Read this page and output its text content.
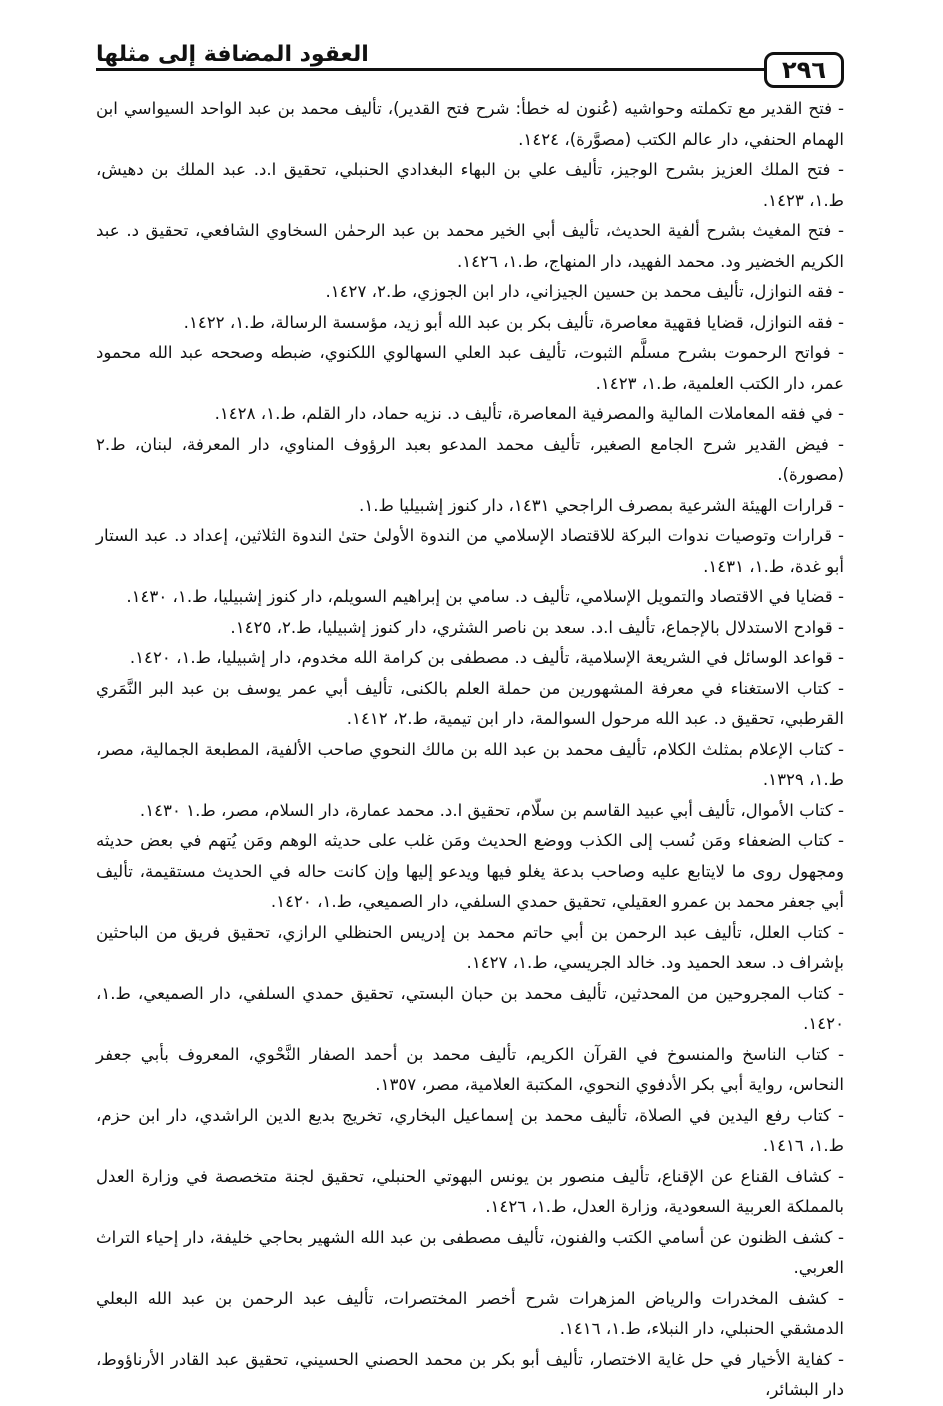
العقود المضافة إلى مثلها
٢٩٦

- فتح القدير مع تكملته وحواشيه (عُنون له خطأ: شرح فتح القدير)، تأليف محمد بن عبد الواحد السيواسي ابن الهمام الحنفي، دار عالم الكتب (مصوَّرة)، ١٤٢٤.

- فتح الملك العزيز بشرح الوجيز، تأليف علي بن البهاء البغدادي الحنبلي، تحقيق ا.د. عبد الملك بن دهيش، ط.١، ١٤٢٣.

- فتح المغيث بشرح ألفية الحديث، تأليف أبي الخير محمد بن عبد الرحمٰن السخاوي الشافعي، تحقيق د. عبد الكريم الخضير ود. محمد الفهيد، دار المنهاج، ط.١، ١٤٢٦.

- فقه النوازل، تأليف محمد بن حسين الجيزاني، دار ابن الجوزي، ط.٢، ١٤٢٧.

- فقه النوازل، قضايا فقهية معاصرة، تأليف بكر بن عبد الله أبو زيد، مؤسسة الرسالة، ط.١، ١٤٢٢.

- فواتح الرحموت بشرح مسلَّم الثبوت، تأليف عبد العلي السهالوي اللكنوي، ضبطه وصححه عبد الله محمود عمر، دار الكتب العلمية، ط.١، ١٤٢٣.

- في فقه المعاملات المالية والمصرفية المعاصرة، تأليف د. نزيه حماد، دار القلم، ط.١، ١٤٢٨.

- فيض القدير شرح الجامع الصغير، تأليف محمد المدعو بعبد الرؤوف المناوي، دار المعرفة، لبنان، ط.٢ (مصورة).

- قرارات الهيئة الشرعية بمصرف الراجحي ١٤٣١، دار كنوز إشبيليا ط.١.

- قرارات وتوصيات ندوات البركة للاقتصاد الإسلامي من الندوة الأولىٰ حتىٰ الندوة الثلاثين، إعداد د. عبد الستار أبو غدة، ط.١، ١٤٣١.

- قضايا في الاقتصاد والتمويل الإسلامي، تأليف د. سامي بن إبراهيم السويلم، دار كنوز إشبيليا، ط.١، ١٤٣٠.

- قوادح الاستدلال بالإجماع، تأليف ا.د. سعد بن ناصر الشثري، دار كنوز إشبيليا، ط.٢، ١٤٢٥.

- قواعد الوسائل في الشريعة الإسلامية، تأليف د. مصطفى بن كرامة الله مخدوم، دار إشبيليا، ط.١، ١٤٢٠.

- كتاب الاستغناء في معرفة المشهورين من حملة العلم بالكنى، تأليف أبي عمر يوسف بن عبد البر النَّمَري القرطبي، تحقيق د. عبد الله مرحول السوالمة، دار ابن تيمية، ط.٢، ١٤١٢.

- كتاب الإعلام بمثلث الكلام، تأليف محمد بن عبد الله بن مالك النحوي صاحب الألفية، المطبعة الجمالية، مصر، ط.١، ١٣٢٩.

- كتاب الأموال، تأليف أبي عبيد القاسم بن سلّام، تحقيق ا.د. محمد عمارة، دار السلام، مصر، ط.١ ١٤٣٠.

- كتاب الضعفاء ومَن نُسب إلى الكذب ووضع الحديث ومَن غلب على حديثه الوهم ومَن يُتهم في بعض حديثه ومجهول روى ما لايتابع عليه وصاحب بدعة يغلو فيها ويدعو إليها وإن كانت حاله في الحديث مستقيمة، تأليف أبي جعفر محمد بن عمرو العقيلي، تحقيق حمدي السلفي، دار الصميعي، ط.١، ١٤٢٠.

- كتاب العلل، تأليف عبد الرحمن بن أبي حاتم محمد بن إدريس الحنظلي الرازي، تحقيق فريق من الباحثين بإشراف د. سعد الحميد ود. خالد الجريسي، ط.١، ١٤٢٧.

- كتاب المجروحين من المحدثين، تأليف محمد بن حبان البستي، تحقيق حمدي السلفي، دار الصميعي، ط.١، ١٤٢٠.

- كتاب الناسخ والمنسوخ في القرآن الكريم، تأليف محمد بن أحمد الصفار النَّحْوي، المعروف بأبي جعفر النحاس، رواية أبي بكر الأدفوي النحوي، المكتبة العلامية، مصر، ١٣٥٧.

- كتاب رفع اليدين في الصلاة، تأليف محمد بن إسماعيل البخاري، تخريج بديع الدين الراشدي، دار ابن حزم، ط.١، ١٤١٦.

- كشاف القناع عن الإقناع، تأليف منصور بن يونس البهوتي الحنبلي، تحقيق لجنة متخصصة في وزارة العدل بالمملكة العربية السعودية، وزارة العدل، ط.١، ١٤٢٦.

- كشف الظنون عن أسامي الكتب والفنون، تأليف مصطفى بن عبد الله الشهير بحاجي خليفة، دار إحياء التراث العربي.

- كشف المخدرات والرياض المزهرات شرح أخصر المختصرات، تأليف عبد الرحمن بن عبد الله البعلي الدمشقي الحنبلي، دار النبلاء، ط.١، ١٤١٦.

- كفاية الأخيار في حل غاية الاختصار، تأليف أبو بكر بن محمد الحصني الحسيني، تحقيق عبد القادر الأرناؤوط، دار البشائر،
